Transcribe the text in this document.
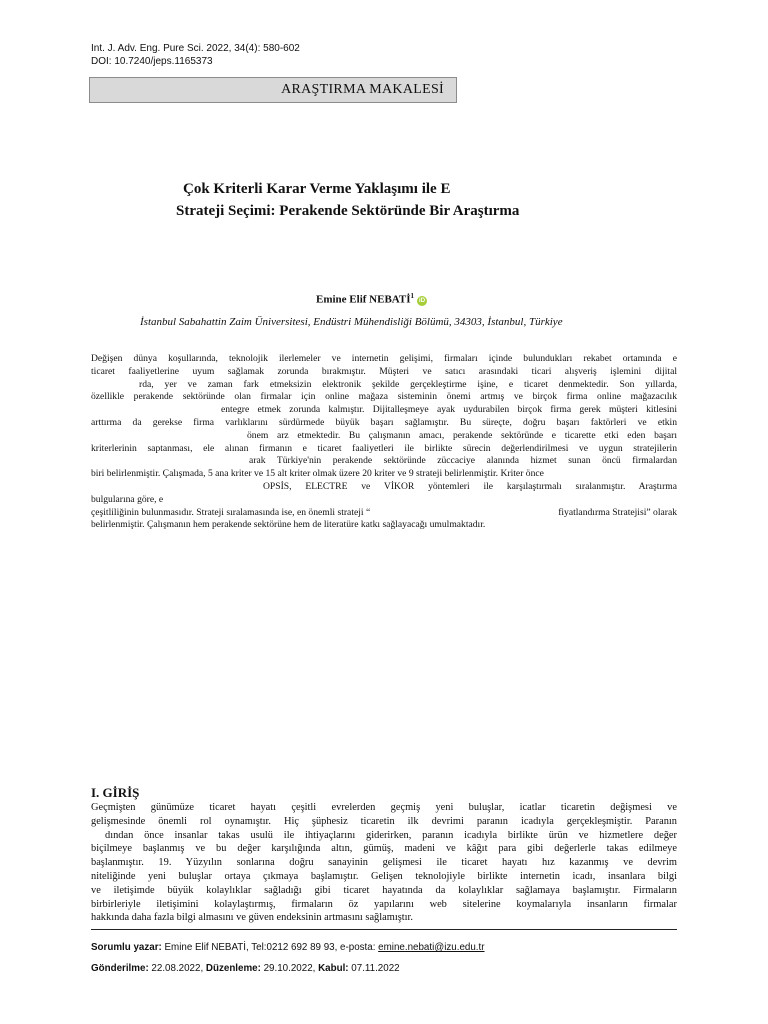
Int. J. Adv. Eng. Pure Sci. 2022, 34(4): 580-602
DOI: 10.7240/jeps.1165373
ARAŞTIRMA MAKALESİ
Çok Kriterli Karar Verme Yaklaşımı ile E
Strateji Seçimi: Perakende Sektöründe Bir Araştırma
Emine Elif NEBATİ$^1$iD
İstanbul Sabahattin Zaim Üniversitesi, Endüstri Mühendisliği Bölümü, 34303, İstanbul, Türkiye
Değişen dünya koşullarında, teknolojik ilerlemeler ve internetin gelişimi, firmaları içinde bulundukları rekabet ortamında e
ticaret faaliyetlerine uyum sağlamak zorunda bırakmıştır. Müşteri ve satıcı arasındaki ticari alışveriş işlemini dijital
rda, yer ve zaman fark etmeksizin elektronik şekilde gerçekleştirme işine, e ticaret denmektedir. Son yıllarda,
özellikle perakende sektöründe olan firmalar için online mağaza sisteminin önemi artmış ve birçok firma online mağazacılık
entegre etmek zorunda kalmıştır. Dijitalleşmeye ayak uydurabilen birçok firma gerek müşteri kitlesini
arttırma da gerekse firma varlıklarını sürdürmede büyük başarı sağlamıştır. Bu süreçte, doğru başarı faktörleri ve etkin
önem arz etmektedir. Bu çalışmanın amacı, perakende sektöründe e ticarette etki eden başarı
kriterlerinin saptanması, ele alınan firmanın e ticaret faaliyetleri ile birlikte sürecin değerlendirilmesi ve uygun stratejilerin
arak Türkiye'nin perakende sektöründe züccaciye alanında hizmet sunan öncü firmalardan
biri belirlenmiştir. Çalışmada, 5 ana kriter ve 15 alt kriter olmak üzere 20 kriter ve 9 strateji belirlenmiştir. Kriter önce
OPSİS, ELECTRE ve VİKOR yöntemleri ile karşılaştırmalı sıralanmıştır. Araştırma
bulgularına göre, e
çeşitliliğinin bulunmasıdır. Strateji sıralamasında ise, en önemli strateji “	fiyatlandırma Stratejisi” olarak
belirlenmiştir. Çalışmanın hem perakende sektörüne hem de literatüre katkı sağlayacağı umulmaktadır.
I. GİRİŞ
Geçmişten günümüze ticaret hayatı çeşitli evrelerden geçmiş yeni buluşlar, icatlar ticaretin değişmesi ve
gelişmesinde önemli rol oynamıştır. Hiç şüphesiz ticaretin ilk devrimi paranın icadıyla gerçekleşmiştir. Paranın
dından önce insanlar takas usulü ile ihtiyaçlarını giderirken, paranın icadıyla birlikte ürün ve hizmetlere değer
biçilmeye başlanmış ve bu değer karşılığında altın, gümüş, madeni ve kâğıt para gibi değerlerle takas edilmeye
başlanmıştır. 19. Yüzyılın sonlarına doğru sanayinin gelişmesi ile ticaret hayatı hız kazanmış ve devrim
niteliğinde yeni buluşlar ortaya çıkmaya başlamıştır. Gelişen teknolojiyle birlikte internetin icadı, insanlara bilgi
ve iletişimde büyük kolaylıklar sağladığı gibi ticaret hayatında da kolaylıklar sağlamaya başlamıştır. Firmaların
birbirleriyle iletişimini kolaylaştırmış, firmaların öz yapılarını web sitelerine koymalarıyla insanların firmalar
hakkında daha fazla bilgi almasını ve güven endeksinin artmasını sağlamıştır.
Sorumlu yazar: Emine Elif NEBATİ, Tel:0212 692 89 93, e-posta: emine.nebati@izu.edu.tr
Gönderilme: 22.08.2022, Düzenleme: 29.10.2022, Kabul: 07.11.2022
